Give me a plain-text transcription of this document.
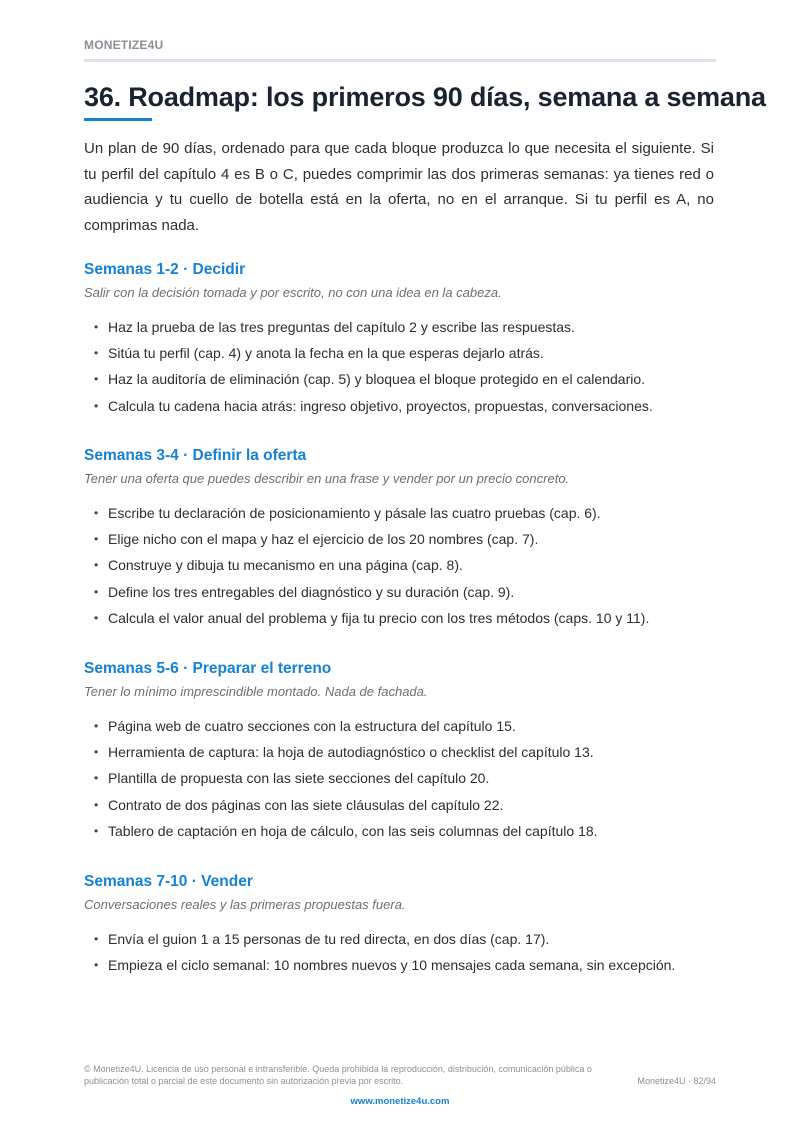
MONETIZE4U
36. Roadmap: los primeros 90 días, semana a semana

Un plan de 90 días, ordenado para que cada bloque produzca lo que necesita el siguiente. Si tu perfil del capítulo 4 es B o C, puedes comprimir las dos primeras semanas: ya tienes red o audiencia y tu cuello de botella está en la oferta, no en el arranque. Si tu perfil es A, no comprimas nada.

Semanas 1-2 · Decidir

Salir con la decisión tomada y por escrito, no con una idea en la cabeza.

• Haz la prueba de las tres preguntas del capítulo 2 y escribe las respuestas.
• Sitúa tu perfil (cap. 4) y anota la fecha en la que esperas dejarlo atrás.
• Haz la auditoría de eliminación (cap. 5) y bloquea el bloque protegido en el calendario.
• Calcula tu cadena hacia atrás: ingreso objetivo, proyectos, propuestas, conversaciones.
Semanas 3-4 · Definir la oferta

Tener una oferta que puedes describir en una frase y vender por un precio concreto.

• Escribe tu declaración de posicionamiento y pásale las cuatro pruebas (cap. 6).
• Elige nicho con el mapa y haz el ejercicio de los 20 nombres (cap. 7).
• Construye y dibuja tu mecanismo en una página (cap. 8).
• Define los tres entregables del diagnóstico y su duración (cap. 9).
• Calcula el valor anual del problema y fija tu precio con los tres métodos (caps. 10 y 11).
Semanas 5-6 · Preparar el terreno

Tener lo mínimo imprescindible montado. Nada de fachada.

• Página web de cuatro secciones con la estructura del capítulo 15.
• Herramienta de captura: la hoja de autodiagnóstico o checklist del capítulo 13.
• Plantilla de propuesta con las siete secciones del capítulo 20.
• Contrato de dos páginas con las siete cláusulas del capítulo 22.
• Tablero de captación en hoja de cálculo, con las seis columnas del capítulo 18.
Semanas 7-10 · Vender

Conversaciones reales y las primeras propuestas fuera.

• Envía el guion 1 a 15 personas de tu red directa, en dos días (cap. 17).
• Empieza el ciclo semanal: 10 nombres nuevos y 10 mensajes cada semana, sin excepción.
© Monetize4U. Licencia de uso personal e intransferible. Queda prohibida la reproducción, distribución, comunicación pública o publicación total o parcial de este documento sin autorización previa por escrito.	Monetize4U · 82/94
www.monetize4u.com
